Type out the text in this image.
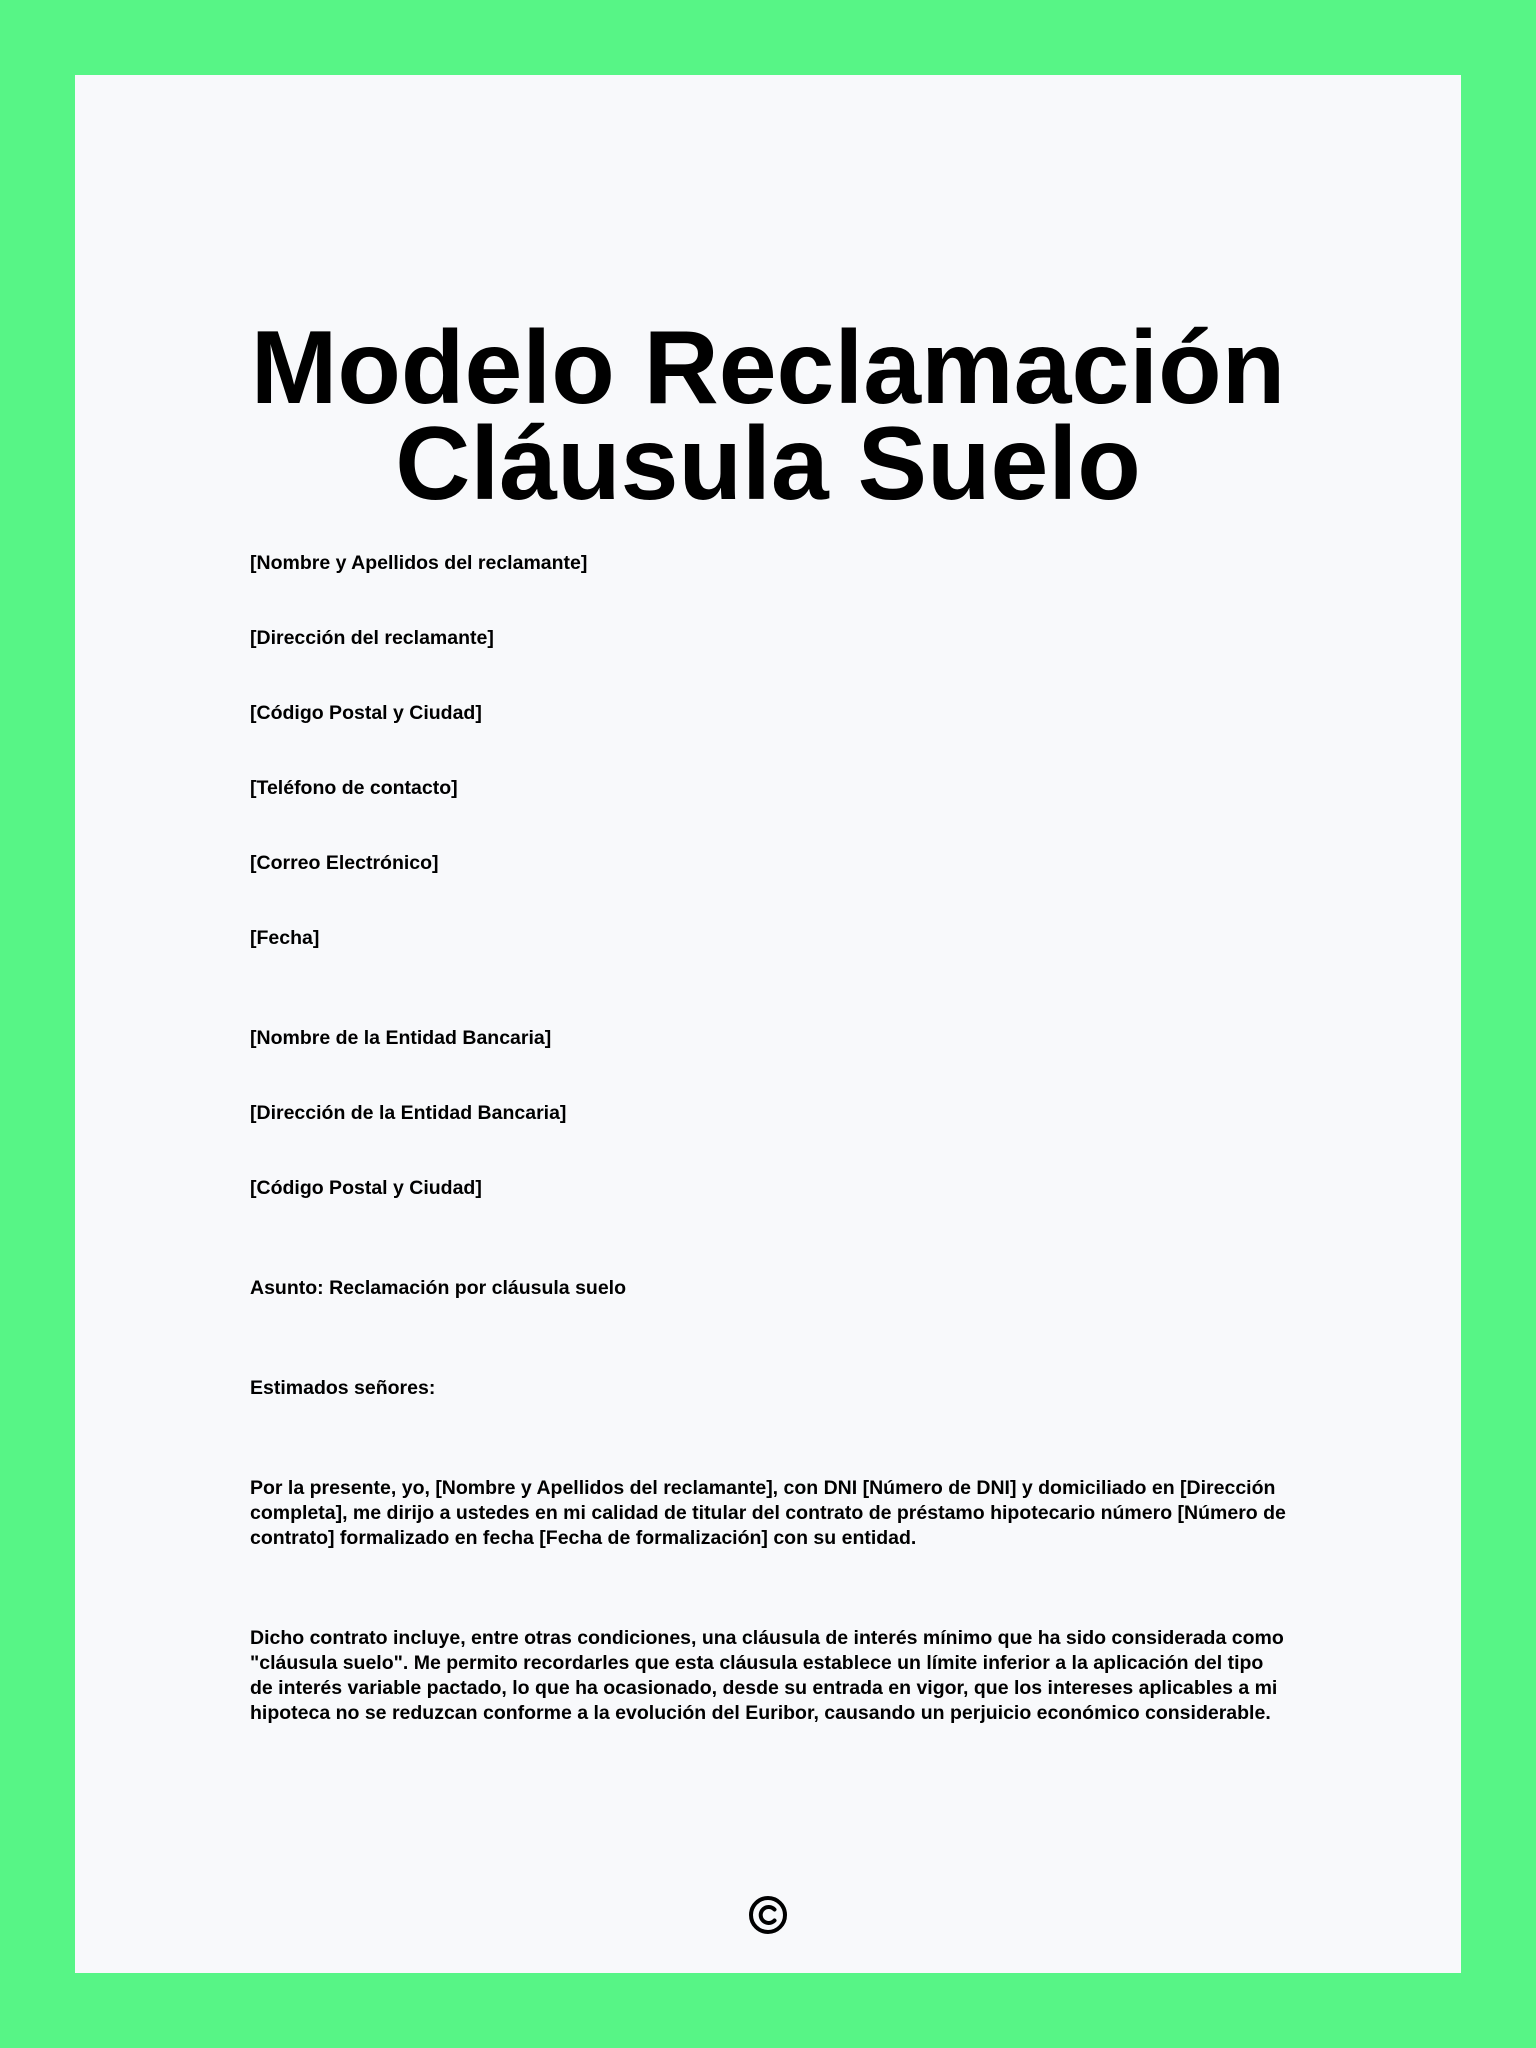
Modelo Reclamación
Cláusula Suelo

[Nombre y Apellidos del reclamante]

[Dirección del reclamante]

[Código Postal y Ciudad]

[Teléfono de contacto]

[Correo Electrónico]

[Fecha]

[Nombre de la Entidad Bancaria]

[Dirección de la Entidad Bancaria]

[Código Postal y Ciudad]

Asunto: Reclamación por cláusula suelo

Estimados señores:

Por la presente, yo, [Nombre y Apellidos del reclamante], con DNI [Número de DNI] y domiciliado en [Dirección completa], me dirijo a ustedes en mi calidad de titular del contrato de préstamo hipotecario número [Número de contrato] formalizado en fecha [Fecha de formalización] con su entidad.

Dicho contrato incluye, entre otras condiciones, una cláusula de interés mínimo que ha sido considerada como "cláusula suelo". Me permito recordarles que esta cláusula establece un límite inferior a la aplicación del tipo de interés variable pactado, lo que ha ocasionado, desde su entrada en vigor, que los intereses aplicables a mi hipoteca no se reduzcan conforme a la evolución del Euribor, causando un perjuicio económico considerable.
